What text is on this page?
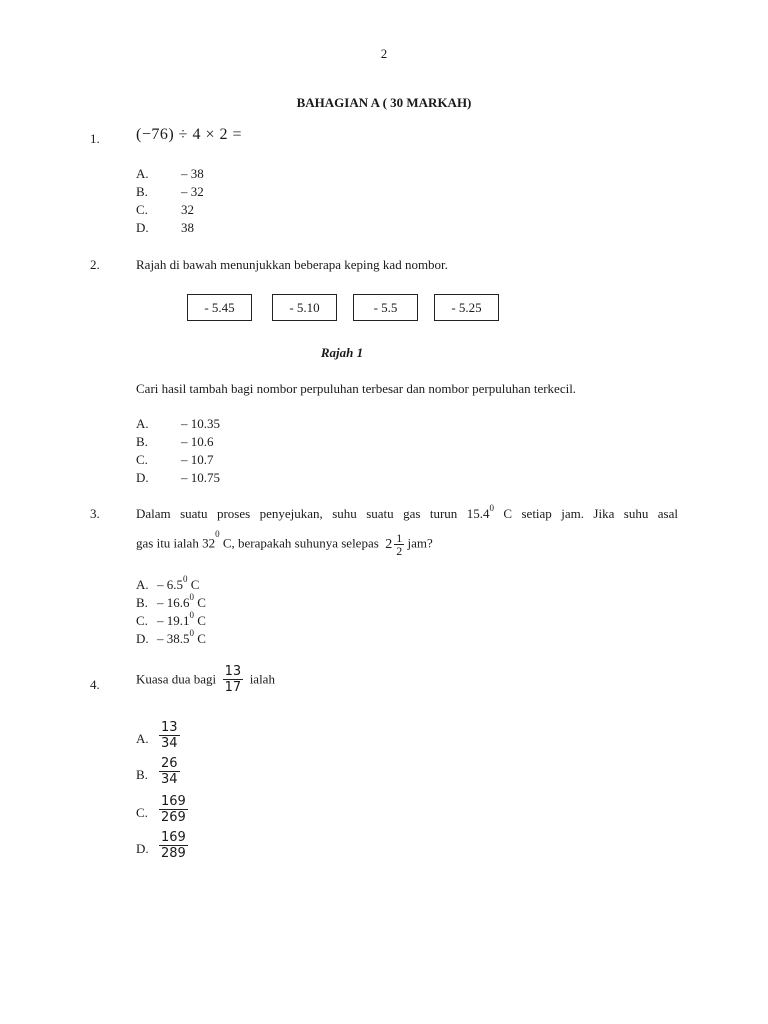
2
BAHAGIAN A ( 30 MARKAH)
1. (−76) ÷ 4 × 2 =
A. – 38
B.	– 32
C.	32
D. 38
2.	Rajah di bawah menunjukkan beberapa keping kad nombor.
- 5.45	- 5.10	- 5.5	- 5.25
Rajah 1
Cari hasil tambah bagi nombor perpuluhan terbesar dan nombor perpuluhan terkecil.
A. – 10.35
B.	– 10.6
C.	– 10.7
D. – 10.75
3.	Dalam suatu proses penyejukan, suhu suatu gas turun 15.4$^0$ C setiap jam. Jika suhu asal
gas itu ialah $32^0$ C, berapakah suhunya selepas $2 \frac{1}{2}$ jam?
A. – $6.5^0$ C
B. – 16.6$^0$ C
C. – 19.1$^0$ C
D. – 38.5$^0$ C
4.	Kuasa dua bagi $\frac{13}{17}$ ialah
A. $\frac{13}{34}$
B. $\frac{26}{34}$
C. $\frac{169}{269}$
D. $\frac{169}{289}$
